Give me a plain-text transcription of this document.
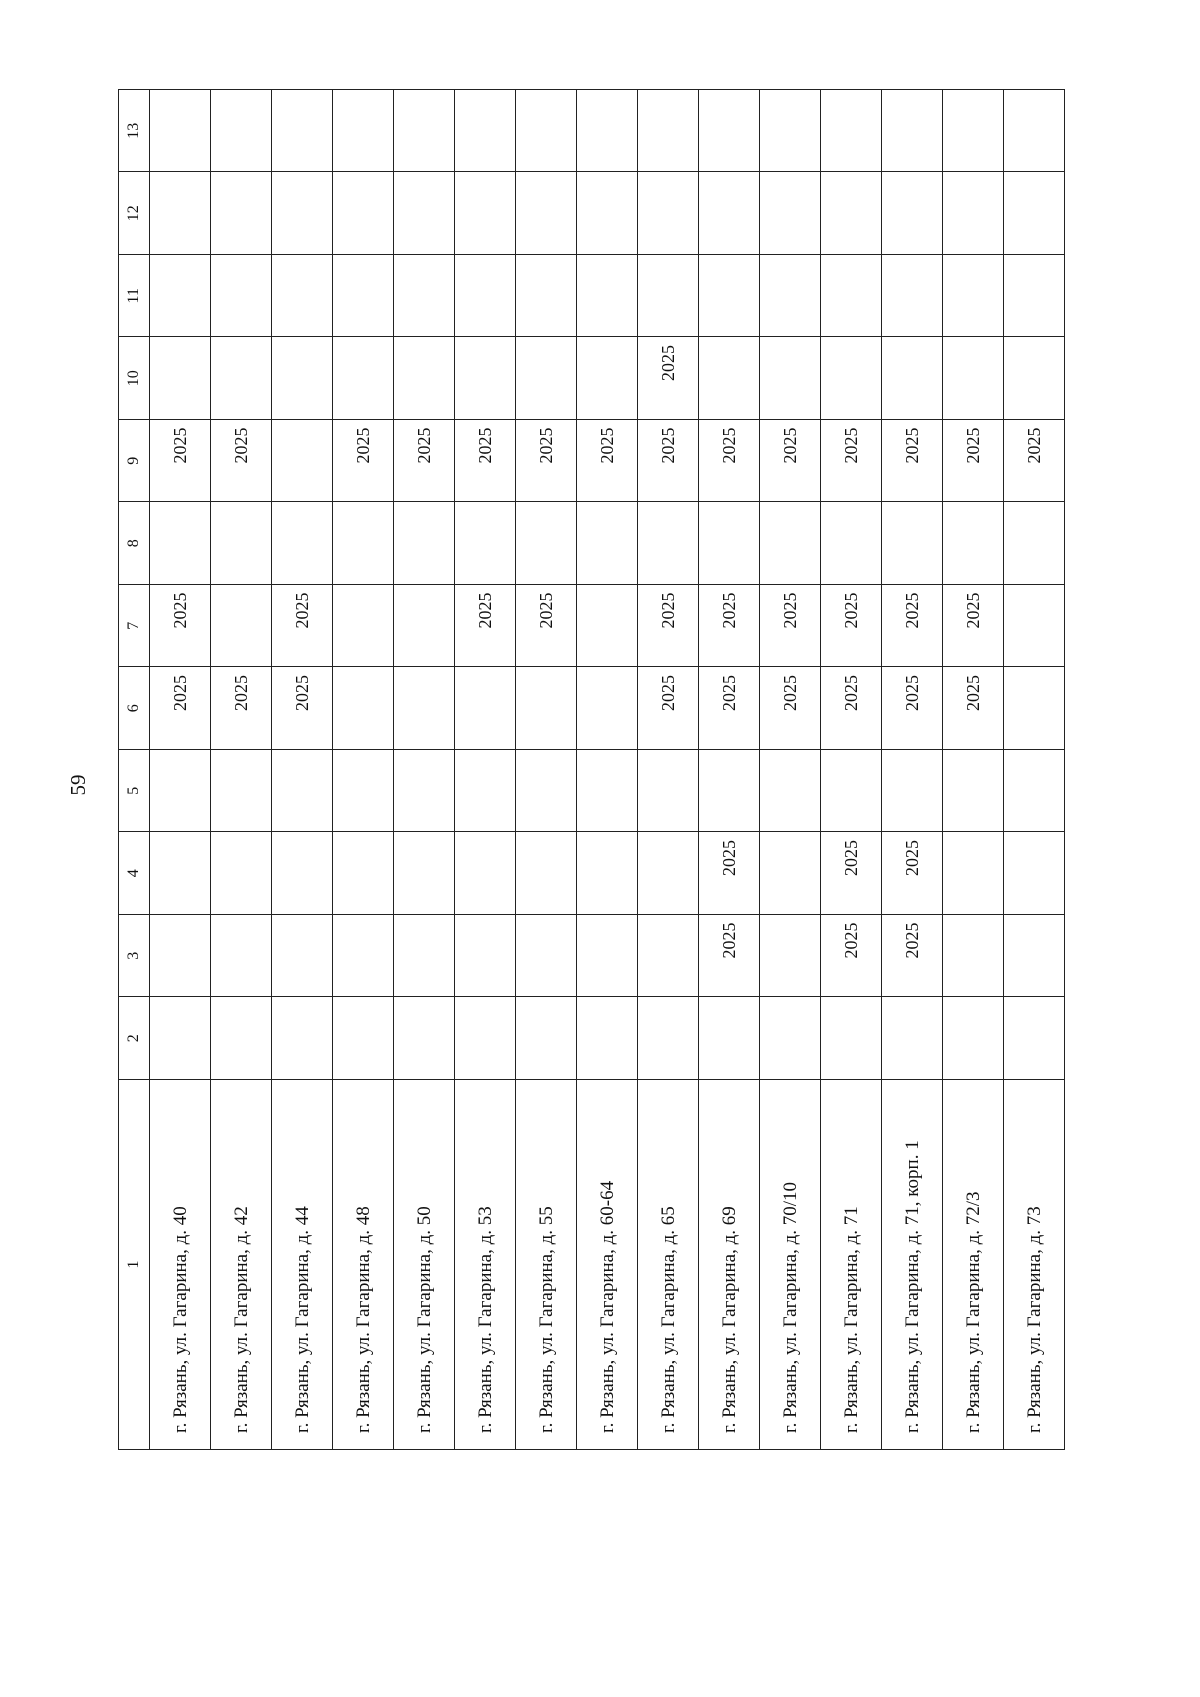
59
1	2	3	4	5	6	7	8	9	10	11	12	13
г. Рязань, ул. Гагарина, д. 40					2025	2025		2025				
г. Рязань, ул. Гагарина, д. 42					2025			2025				
г. Рязань, ул. Гагарина, д. 44					2025	2025						
г. Рязань, ул. Гагарина, д. 48								2025				
г. Рязань, ул. Гагарина, д. 50								2025				
г. Рязань, ул. Гагарина, д. 53						2025		2025				
г. Рязань, ул. Гагарина, д. 55						2025		2025				
г. Рязань, ул. Гагарина, д. 60-64								2025				
г. Рязань, ул. Гагарина, д. 65					2025	2025		2025	2025			
г. Рязань, ул. Гагарина, д. 69		2025	2025		2025	2025		2025				
г. Рязань, ул. Гагарина, д. 70/10					2025	2025		2025				
г. Рязань, ул. Гагарина, д. 71		2025	2025		2025	2025		2025				
г. Рязань, ул. Гагарина, д. 71, корп. 1		2025	2025		2025	2025		2025				
г. Рязань, ул. Гагарина, д. 72/3					2025	2025		2025				
г. Рязань, ул. Гагарина, д. 73								2025				
